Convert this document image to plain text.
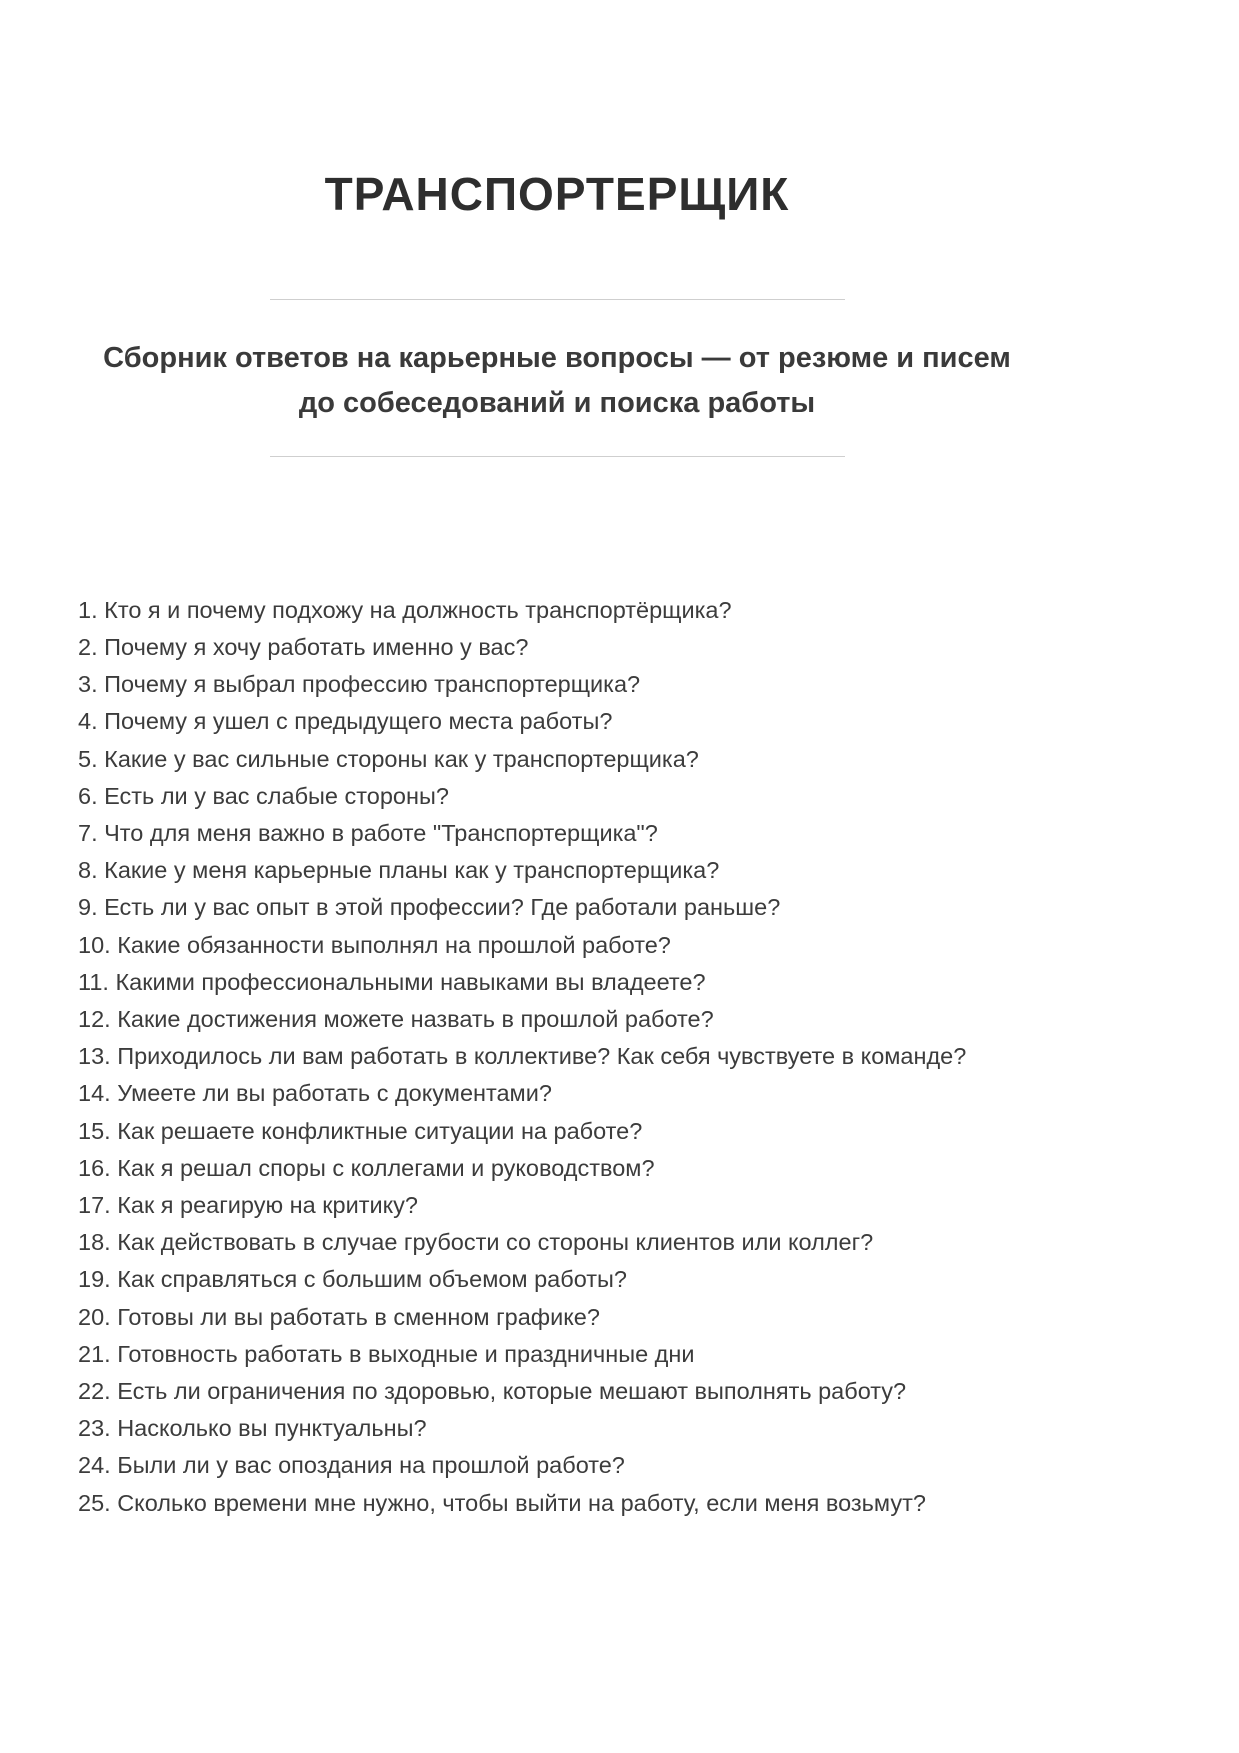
ТРАНСПОРТЕРЩИК

Сборник ответов на карьерные вопросы — от резюме и писем до собеседований и поиска работы

1. Кто я и почему подхожу на должность транспортёрщика?
2. Почему я хочу работать именно у вас?
3. Почему я выбрал профессию транспортерщика?
4. Почему я ушел с предыдущего места работы?
5. Какие у вас сильные стороны как у транспортерщика?
6. Есть ли у вас слабые стороны?
7. Что для меня важно в работе "Транспортерщика"?
8. Какие у меня карьерные планы как у транспортерщика?
9. Есть ли у вас опыт в этой профессии? Где работали раньше?
10. Какие обязанности выполнял на прошлой работе?
11. Какими профессиональными навыками вы владеете?
12. Какие достижения можете назвать в прошлой работе?
13. Приходилось ли вам работать в коллективе? Как себя чувствуете в команде?
14. Умеете ли вы работать с документами?
15. Как решаете конфликтные ситуации на работе?
16. Как я решал споры с коллегами и руководством?
17. Как я реагирую на критику?
18. Как действовать в случае грубости со стороны клиентов или коллег?
19. Как справляться с большим объемом работы?
20. Готовы ли вы работать в сменном графике?
21. Готовность работать в выходные и праздничные дни
22. Есть ли ограничения по здоровью, которые мешают выполнять работу?
23. Насколько вы пунктуальны?
24. Были ли у вас опоздания на прошлой работе?
25. Сколько времени мне нужно, чтобы выйти на работу, если меня возьмут?
